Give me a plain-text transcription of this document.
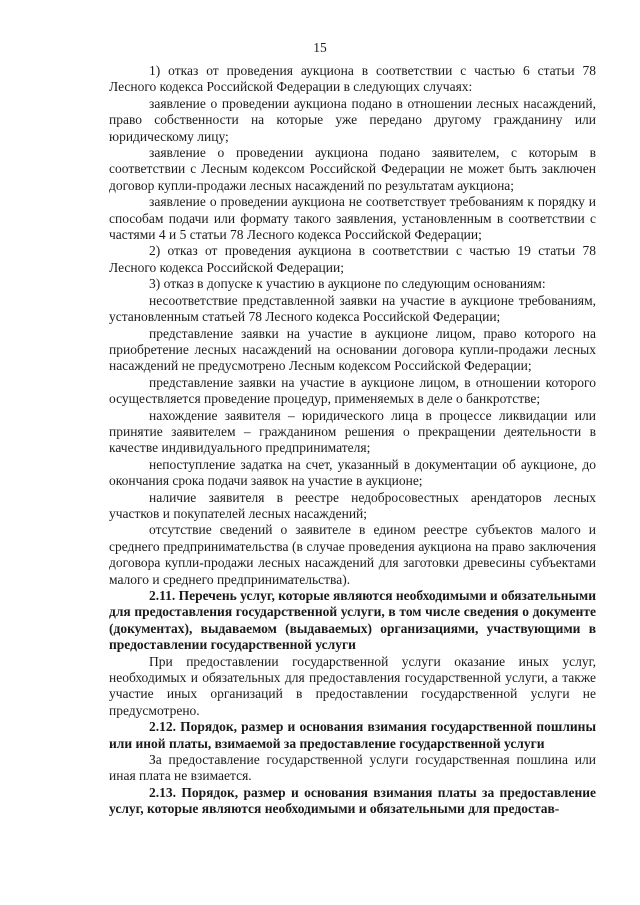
15

1) отказ от проведения аукциона в соответствии с частью 6 статьи 78 Лесного кодекса Российской Федерации в следующих случаях:

заявление о проведении аукциона подано в отношении лесных насаждений, право собственности на которые уже передано другому гражданину или юридическому лицу;

заявление о проведении аукциона подано заявителем, с которым в соответствии с Лесным кодексом Российской Федерации не может быть заключен договор купли-продажи лесных насаждений по результатам аукциона;

заявление о проведении аукциона не соответствует требованиям к порядку и способам подачи или формату такого заявления, установленным в соответствии с частями 4 и 5 статьи 78 Лесного кодекса Российской Федерации;

2) отказ от проведения аукциона в соответствии с частью 19 статьи 78 Лесного кодекса Российской Федерации;

3) отказ в допуске к участию в аукционе по следующим основаниям:

несоответствие представленной заявки на участие в аукционе требованиям, установленным статьей 78 Лесного кодекса Российской Федерации;

представление заявки на участие в аукционе лицом, право которого на приобретение лесных насаждений на основании договора купли-продажи лесных насаждений не предусмотрено Лесным кодексом Российской Федерации;

представление заявки на участие в аукционе лицом, в отношении которого осуществляется проведение процедур, применяемых в деле о банкротстве;

нахождение заявителя – юридического лица в процессе ликвидации или принятие заявителем – гражданином решения о прекращении деятельности в качестве индивидуального предпринимателя;

непоступление задатка на счет, указанный в документации об аукционе, до окончания срока подачи заявок на участие в аукционе;

наличие заявителя в реестре недобросовестных арендаторов лесных участков и покупателей лесных насаждений;

отсутствие сведений о заявителе в едином реестре субъектов малого и среднего предпринимательства (в случае проведения аукциона на право заключения договора купли-продажи лесных насаждений для заготовки древесины субъектами малого и среднего предпринимательства).

2.11. Перечень услуг, которые являются необходимыми и обязательными для предоставления государственной услуги, в том числе сведения о документе (документах), выдаваемом (выдаваемых) организациями, участвующими в предоставлении государственной услуги

При предоставлении государственной услуги оказание иных услуг, необходимых и обязательных для предоставления государственной услуги, а также участие иных организаций в предоставлении государственной услуги не предусмотрено.

2.12. Порядок, размер и основания взимания государственной пошлины или иной платы, взимаемой за предоставление государственной услуги

За предоставление государственной услуги государственная пошлина или иная плата не взимается.

2.13. Порядок, размер и основания взимания платы за предоставление услуг, которые являются необходимыми и обязательными для предостав-
